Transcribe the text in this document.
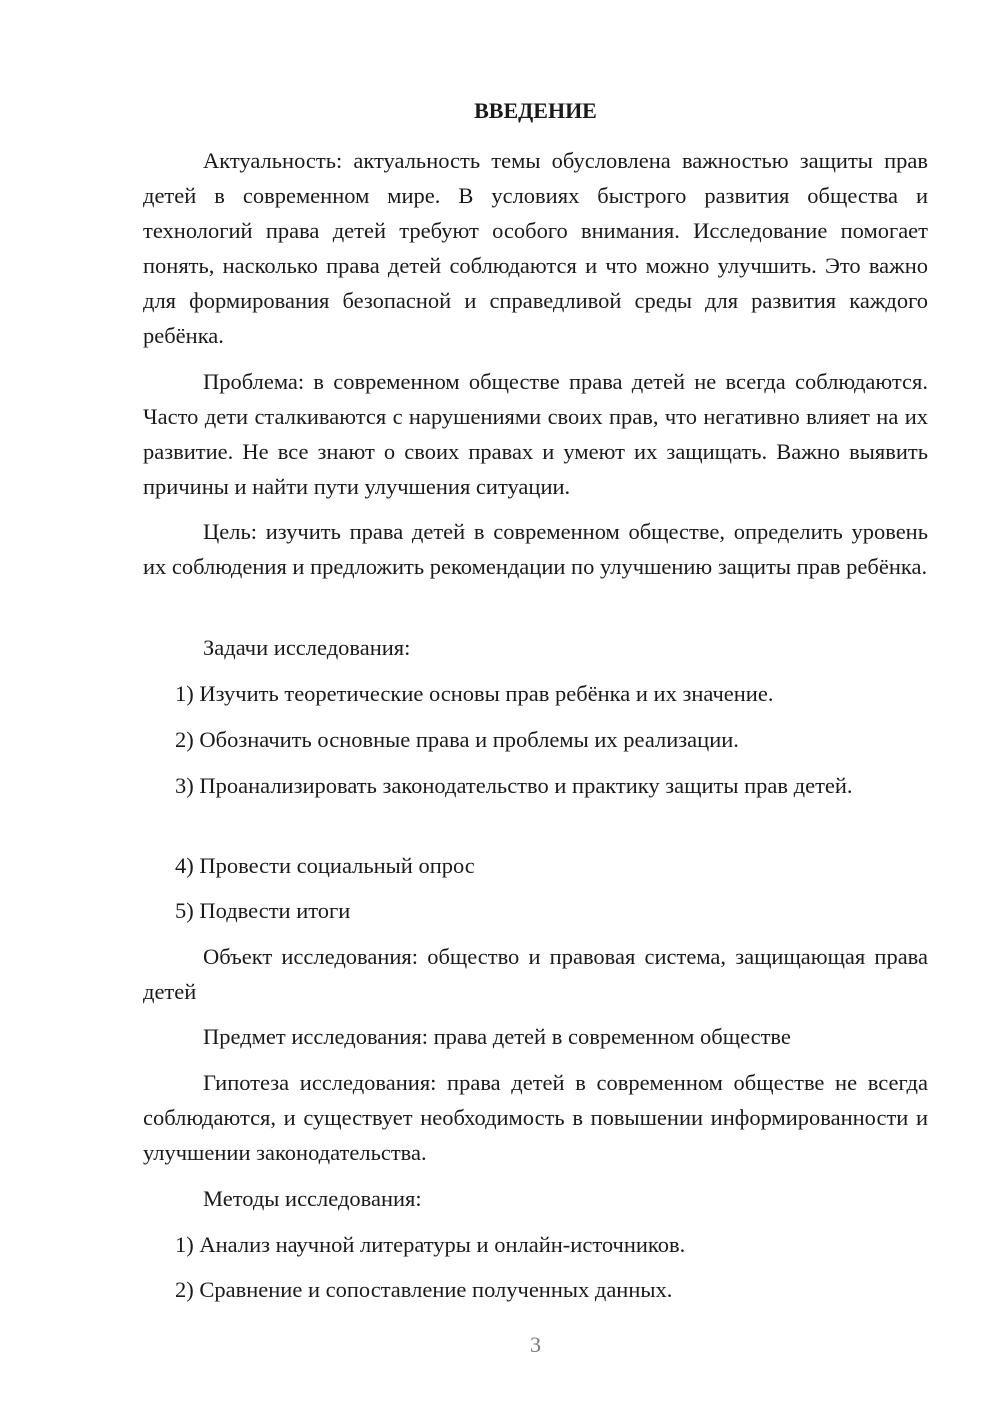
ВВЕДЕНИЕ

Актуальность: актуальность темы обусловлена важностью защиты прав детей в современном мире. В условиях быстрого развития общества и технологий права детей требуют особого внимания. Исследование помогает понять, насколько права детей соблюдаются и что можно улучшить. Это важно для формирования безопасной и справедливой среды для развития каждого ребёнка.

Проблема: в современном обществе права детей не всегда соблюдаются. Часто дети сталкиваются с нарушениями своих прав, что негативно влияет на их развитие. Не все знают о своих правах и умеют их защищать. Важно выявить причины и найти пути улучшения ситуации.

Цель: изучить права детей в современном обществе, определить уровень их соблюдения и предложить рекомендации по улучшению защиты прав ребёнка.

Задачи исследования:

1) Изучить теоретические основы прав ребёнка и их значение.

2) Обозначить основные права и проблемы их реализации.

3) Проанализировать законодательство и практику защиты прав детей.

4) Провести социальный опрос

5) Подвести итоги

Объект исследования: общество и правовая система, защищающая права детей

Предмет исследования: права детей в современном обществе

Гипотеза исследования: права детей в современном обществе не всегда соблюдаются, и существует необходимость в повышении информированности и улучшении законодательства.

Методы исследования:

1) Анализ научной литературы и онлайн-источников.

2) Сравнение и сопоставление полученных данных.

3
